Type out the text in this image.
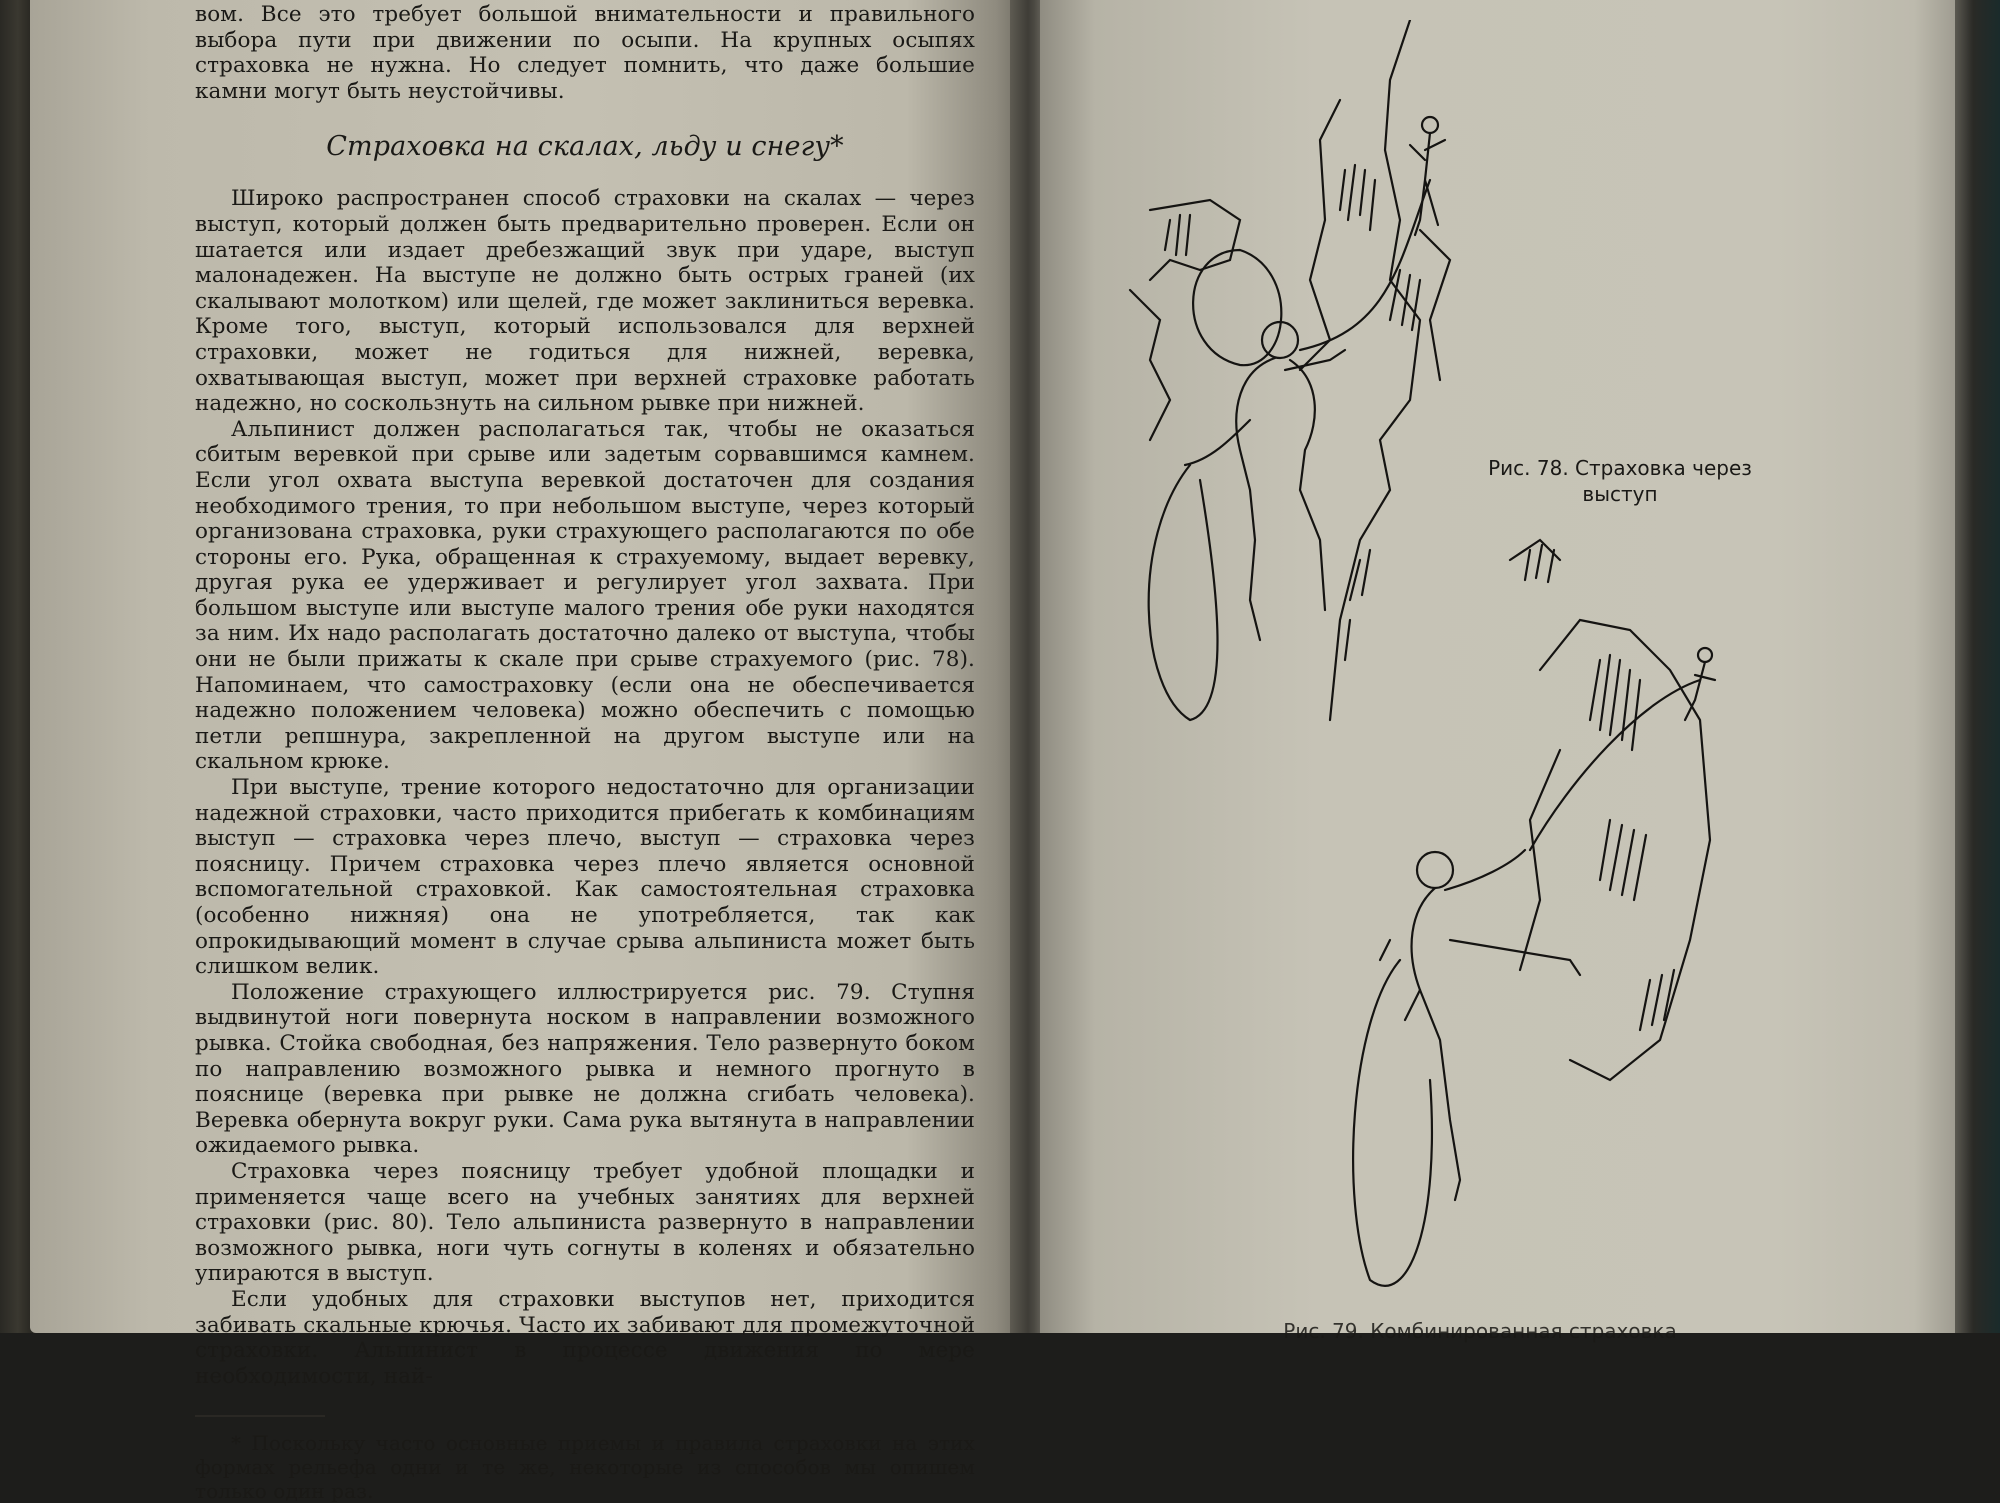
вом. Все это требует большой внимательности и правильного выбора пути при движении по осыпи. На крупных осыпях страховка не нужна. Но следует помнить, что даже большие камни могут быть неустойчивы.

Страховка на скалах, льду и снегу*

Широко распространен способ страховки на скалах — через выступ, который должен быть предварительно проверен. Если он шатается или издает дребезжащий звук при ударе, выступ малонадежен. На выступе не должно быть острых граней (их скалывают молотком) или щелей, где может заклиниться веревка. Кроме того, выступ, который использовался для верхней страховки, может не годиться для нижней, веревка, охватывающая выступ, может при верхней страховке работать надежно, но соскользнуть на сильном рывке при нижней.

Альпинист должен располагаться так, чтобы не оказаться сбитым веревкой при срыве или задетым сорвавшимся камнем. Если угол охвата выступа веревкой достаточен для создания необходимого трения, то при небольшом выступе, через который организована страховка, руки страхующего располагаются по обе стороны его. Рука, обращенная к страхуемому, выдает веревку, другая рука ее удерживает и регулирует угол захвата. При большом выступе или выступе малого трения обе руки находятся за ним. Их надо располагать достаточно далеко от выступа, чтобы они не были прижаты к скале при срыве страхуемого (рис. 78). Напоминаем, что самостраховку (если она не обеспечивается надежно положением человека) можно обеспечить с помощью петли репшнура, закрепленной на другом выступе или на скальном крюке.

При выступе, трение которого недостаточно для организации надежной страховки, часто приходится прибегать к комбинациям выступ — страховка через плечо, выступ — страховка через поясницу. Причем страховка через плечо является основной вспомогательной страховкой. Как самостоятельная страховка (особенно нижняя) она не употребляется, так как опрокидывающий момент в случае срыва альпиниста может быть слишком велик.

Положение страхующего иллюстрируется рис. 79. Ступня выдвинутой ноги повернута носком в направлении возможного рывка. Стойка свободная, без напряжения. Тело развернуто боком по направлению возможного рывка и немного прогнуто в пояснице (веревка при рывке не должна сгибать человека). Веревка обернута вокруг руки. Сама рука вытянута в направлении ожидаемого рывка.

Страховка через поясницу требует удобной площадки и применяется чаще всего на учебных занятиях для верхней страховки (рис. 80). Тело альпиниста развернуто в направлении возможного рывка, ноги чуть согнуты в коленях и обязательно упираются в выступ.

Если удобных для страховки выступов нет, приходится забивать скальные крючья. Часто их забивают для промежуточной страховки. Альпинист в процессе движения по мере необходимости, най-

* Поскольку часто основные приемы и правила страховки на этих формах рельефа одни и те же, некоторые из способов мы опишем только один раз.

Рис. 78. Страховка через выступ
Рис. 79. Комбинированная страховка
